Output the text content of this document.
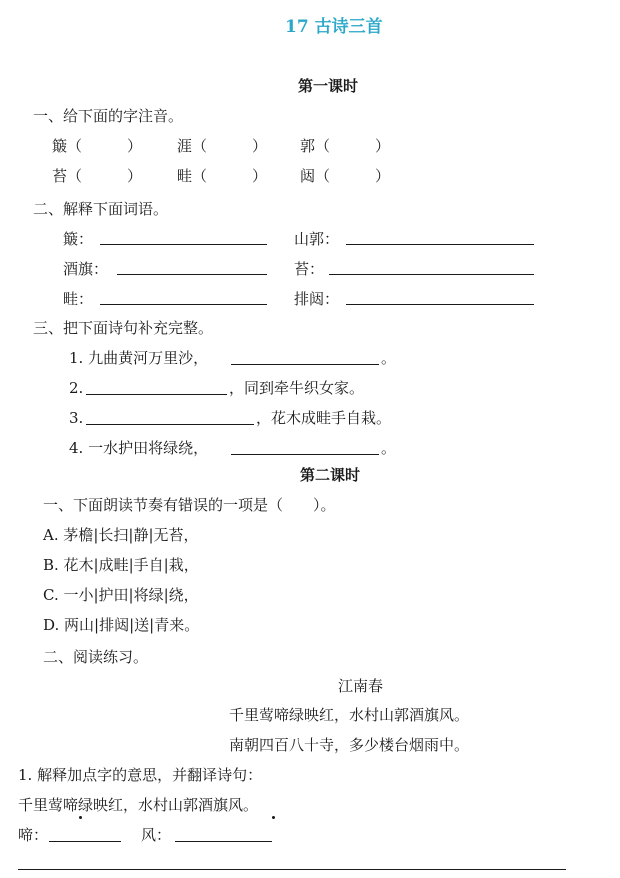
17 古诗三首
第一课时
一、给下面的字注音。
簸（　　　） 涯（　　　） 郭（　　　）
苔（　　　） 畦（　　　） 闼（　　　）
二、解释下面词语。
簸：	山郭：
酒旗：	苔：
畦：	排闼：
三、把下面诗句补充完整。
1. 九曲黄河万里沙，	。
2.	，同到牵牛织女家。
3.	，花木成畦手自栽。
4. 一水护田将绿绕，	。
第二课时
一、下面朗读节奏有错误的一项是（　　）。
A. 茅檐|长扫|静|无苔，
B. 花木|成畦|手自|栽，
C. 一小|护田|将绿|绕，
D. 两山|排闼|送|青来。
二、阅读练习。
江南春
千里莺啼绿映红，水村山郭酒旗风。
南朝四百八十寺，多少楼台烟雨中。
1. 解释加点字的意思，并翻译诗句：
千里莺啼绿映红，水村山郭酒旗风。
啼：	风：
